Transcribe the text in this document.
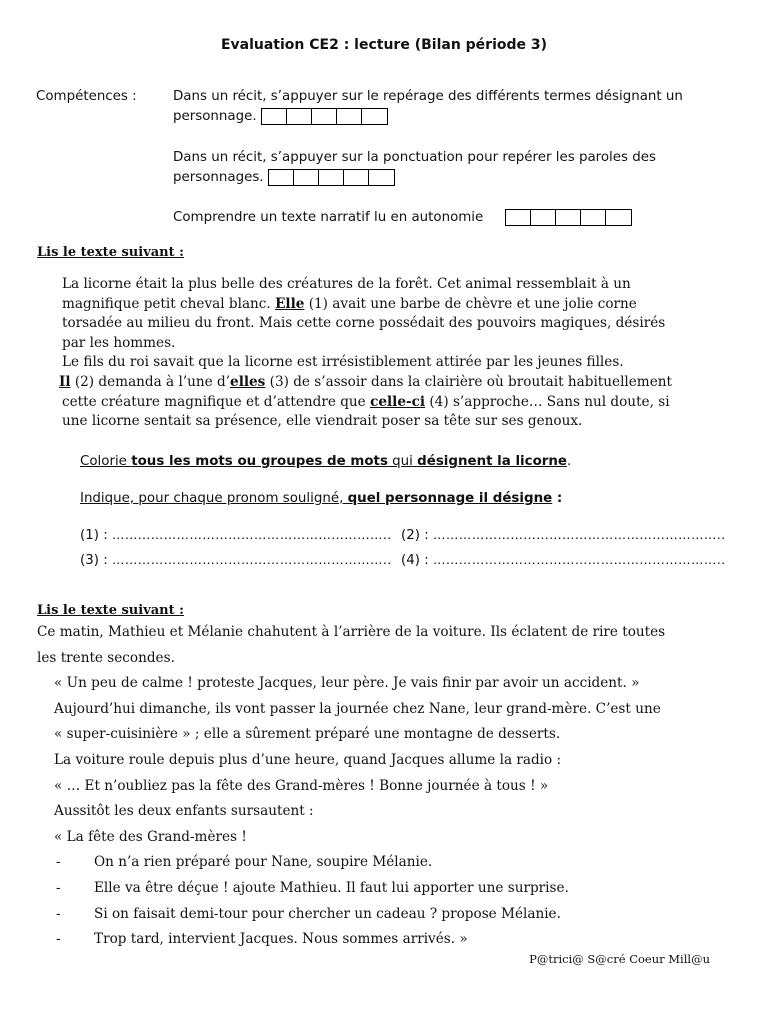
Evaluation CE2 : lecture (Bilan période 3)
Compétences :	Dans un récit, s’appuyer sur le repérage des différents termes désignant un
personnage.
Dans un récit, s’appuyer sur la ponctuation pour repérer les paroles des
personnages.
Comprendre un texte narratif lu en autonomie
Lis le texte suivant :
La licorne était la plus belle des créatures de la forêt. Cet animal ressemblait à un
magnifique petit cheval blanc. Elle (1) avait une barbe de chèvre et une jolie corne
torsadée au milieu du front. Mais cette corne possédait des pouvoirs magiques, désirés
par les hommes.
Le fils du roi savait que la licorne est irrésistiblement attirée par les jeunes filles.
Il (2) demanda à l’une d’elles (3) de s’assoir dans la clairière où broutait habituellement
cette créature magnifique et d’attendre que celle-ci (4) s’approche… Sans nul doute, si
une licorne sentait sa présence, elle viendrait poser sa tête sur ses genoux.
Colorie tous les mots ou groupes de mots qui désignent la licorne.
Indique, pour chaque pronom souligné, quel personnage il désigne :
(1) : ……………………………………………………….. (2) : …………………………………………………………..
(3) : ……………………………………………………….. (4) : …………………………………………………………..
Lis le texte suivant :
Ce matin, Mathieu et Mélanie chahutent à l’arrière de la voiture. Ils éclatent de rire toutes
les trente secondes.
« Un peu de calme ! proteste Jacques, leur père. Je vais finir par avoir un accident. »
Aujourd’hui dimanche, ils vont passer la journée chez Nane, leur grand-mère. C’est une
« super-cuisinière » ; elle a sûrement préparé une montagne de desserts.
La voiture roule depuis plus d’une heure, quand Jacques allume la radio :
« … Et n’oubliez pas la fête des Grand-mères ! Bonne journée à tous ! »
Aussitôt les deux enfants sursautent :
« La fête des Grand-mères !
- On n’a rien préparé pour Nane, soupire Mélanie.
- Elle va être déçue ! ajoute Mathieu. Il faut lui apporter une surprise.
- Si on faisait demi-tour pour chercher un cadeau ? propose Mélanie.
- Trop tard, intervient Jacques. Nous sommes arrivés. »
P@trici@ S@cré Coeur Mill@u
